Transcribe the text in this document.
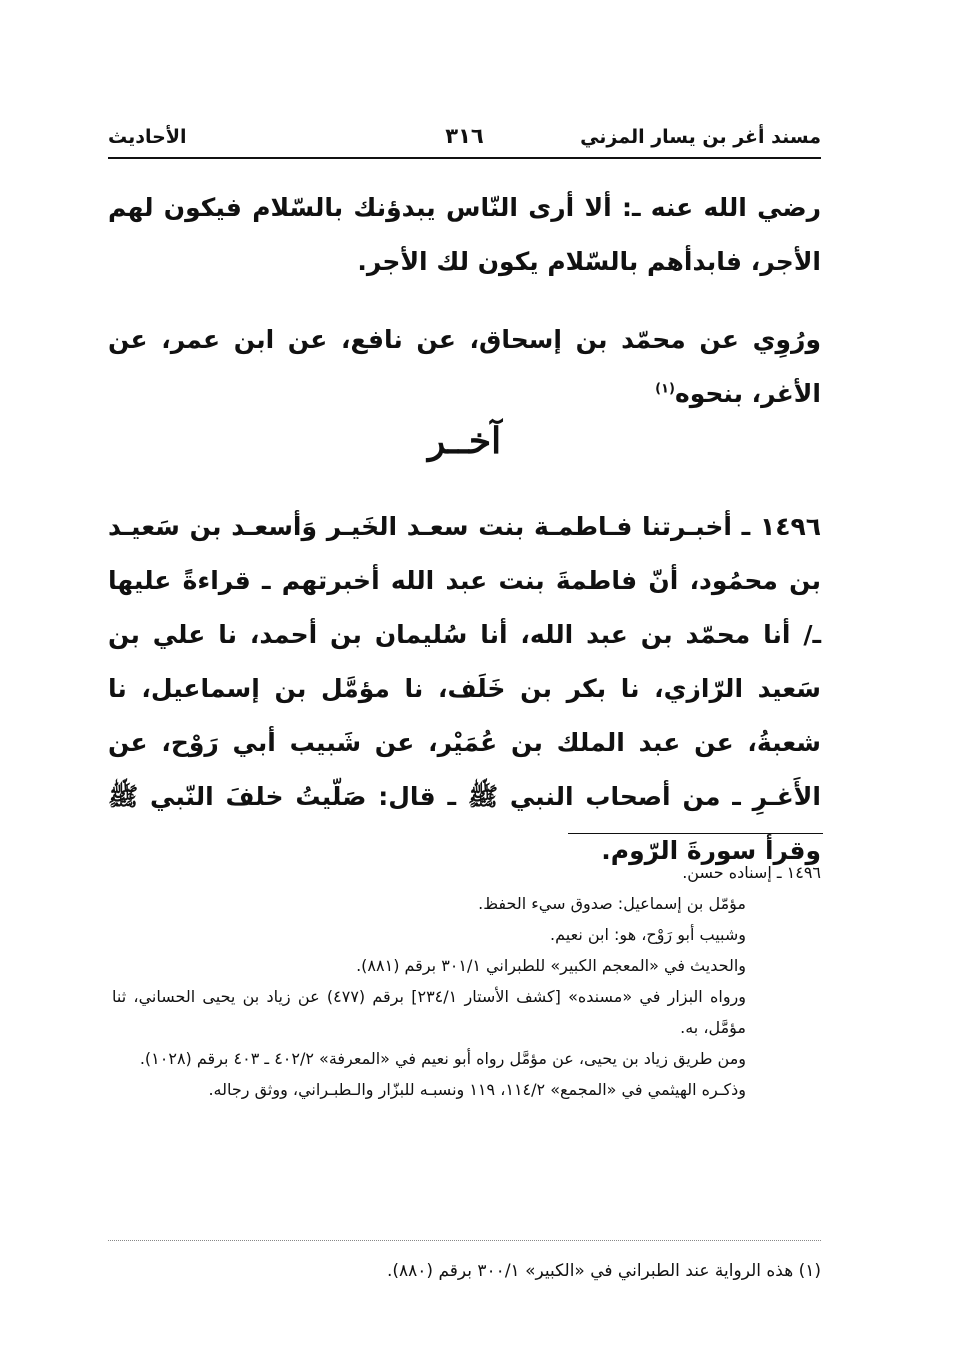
مسند أغر بن يسار المزني
٣١٦
الأحاديث
رضي الله عنه ـ: ألا أرى النّاس يبدؤنك بالسّلام فيكون لهم الأجر، فابدأهم بالسّلام يكون لك الأجر.
ورُوِي عن محمّد بن إسحاق، عن نافع، عن ابن عمر، عن الأغر، بنحوه$^{(١)}$
آخــر
١٤٩٦ ـ أخبـرتنا فـاطمـة بنت سعـد الخَيـر وَأسعـد بن سَعيـد بن محمُود، أنّ فاطمةَ بنت عبد الله أخبرتهم ـ قراءةً عليها ـ/ أنا محمّد بن عبد الله، أنا سُليمان بن أحمد، نا علي بن سَعيد الرّازي، نا بكر بن خَلَف، نا مؤمَّل بن إسماعيل، نا شعبةُ، عن عبد الملك بن عُمَيْر، عن شَبيب أبي رَوْح، عن الأَغـرِ ـ من أصحاب النبي ﷺ ـ قال: صَلّيتُ خلفَ النّبي ﷺ وقرأ سورةَ الرّوم.
١٤٩٦ ـ إسناده حسن.
مؤمّل بن إسماعيل: صدوق سيء الحفظ.
وشبيب أبو رَوْح، هو: ابن نعيم.
والحديث في «المعجم الكبير» للطبراني ٣٠١/١ برقم (٨٨١).
ورواه البزار في «مسنده» [كشف الأستار ٢٣٤/١] برقم (٤٧٧) عن زياد بن يحيى الحساني، ثنا مؤمَّل، به.
ومن طريق زياد بن يحيى، عن مؤمَّل رواه أبو نعيم في «المعرفة» ٤٠٢/٢ ـ ٤٠٣ برقم (١٠٢٨).
وذكـره الهيثمي في «المجمع» ١١٤/٢، ١١٩ ونسبـه للبزّار والـطبـراني، ووثق رجاله.
(١) هذه الرواية عند الطبراني في «الكبير» ٣٠٠/١ برقم (٨٨٠).
